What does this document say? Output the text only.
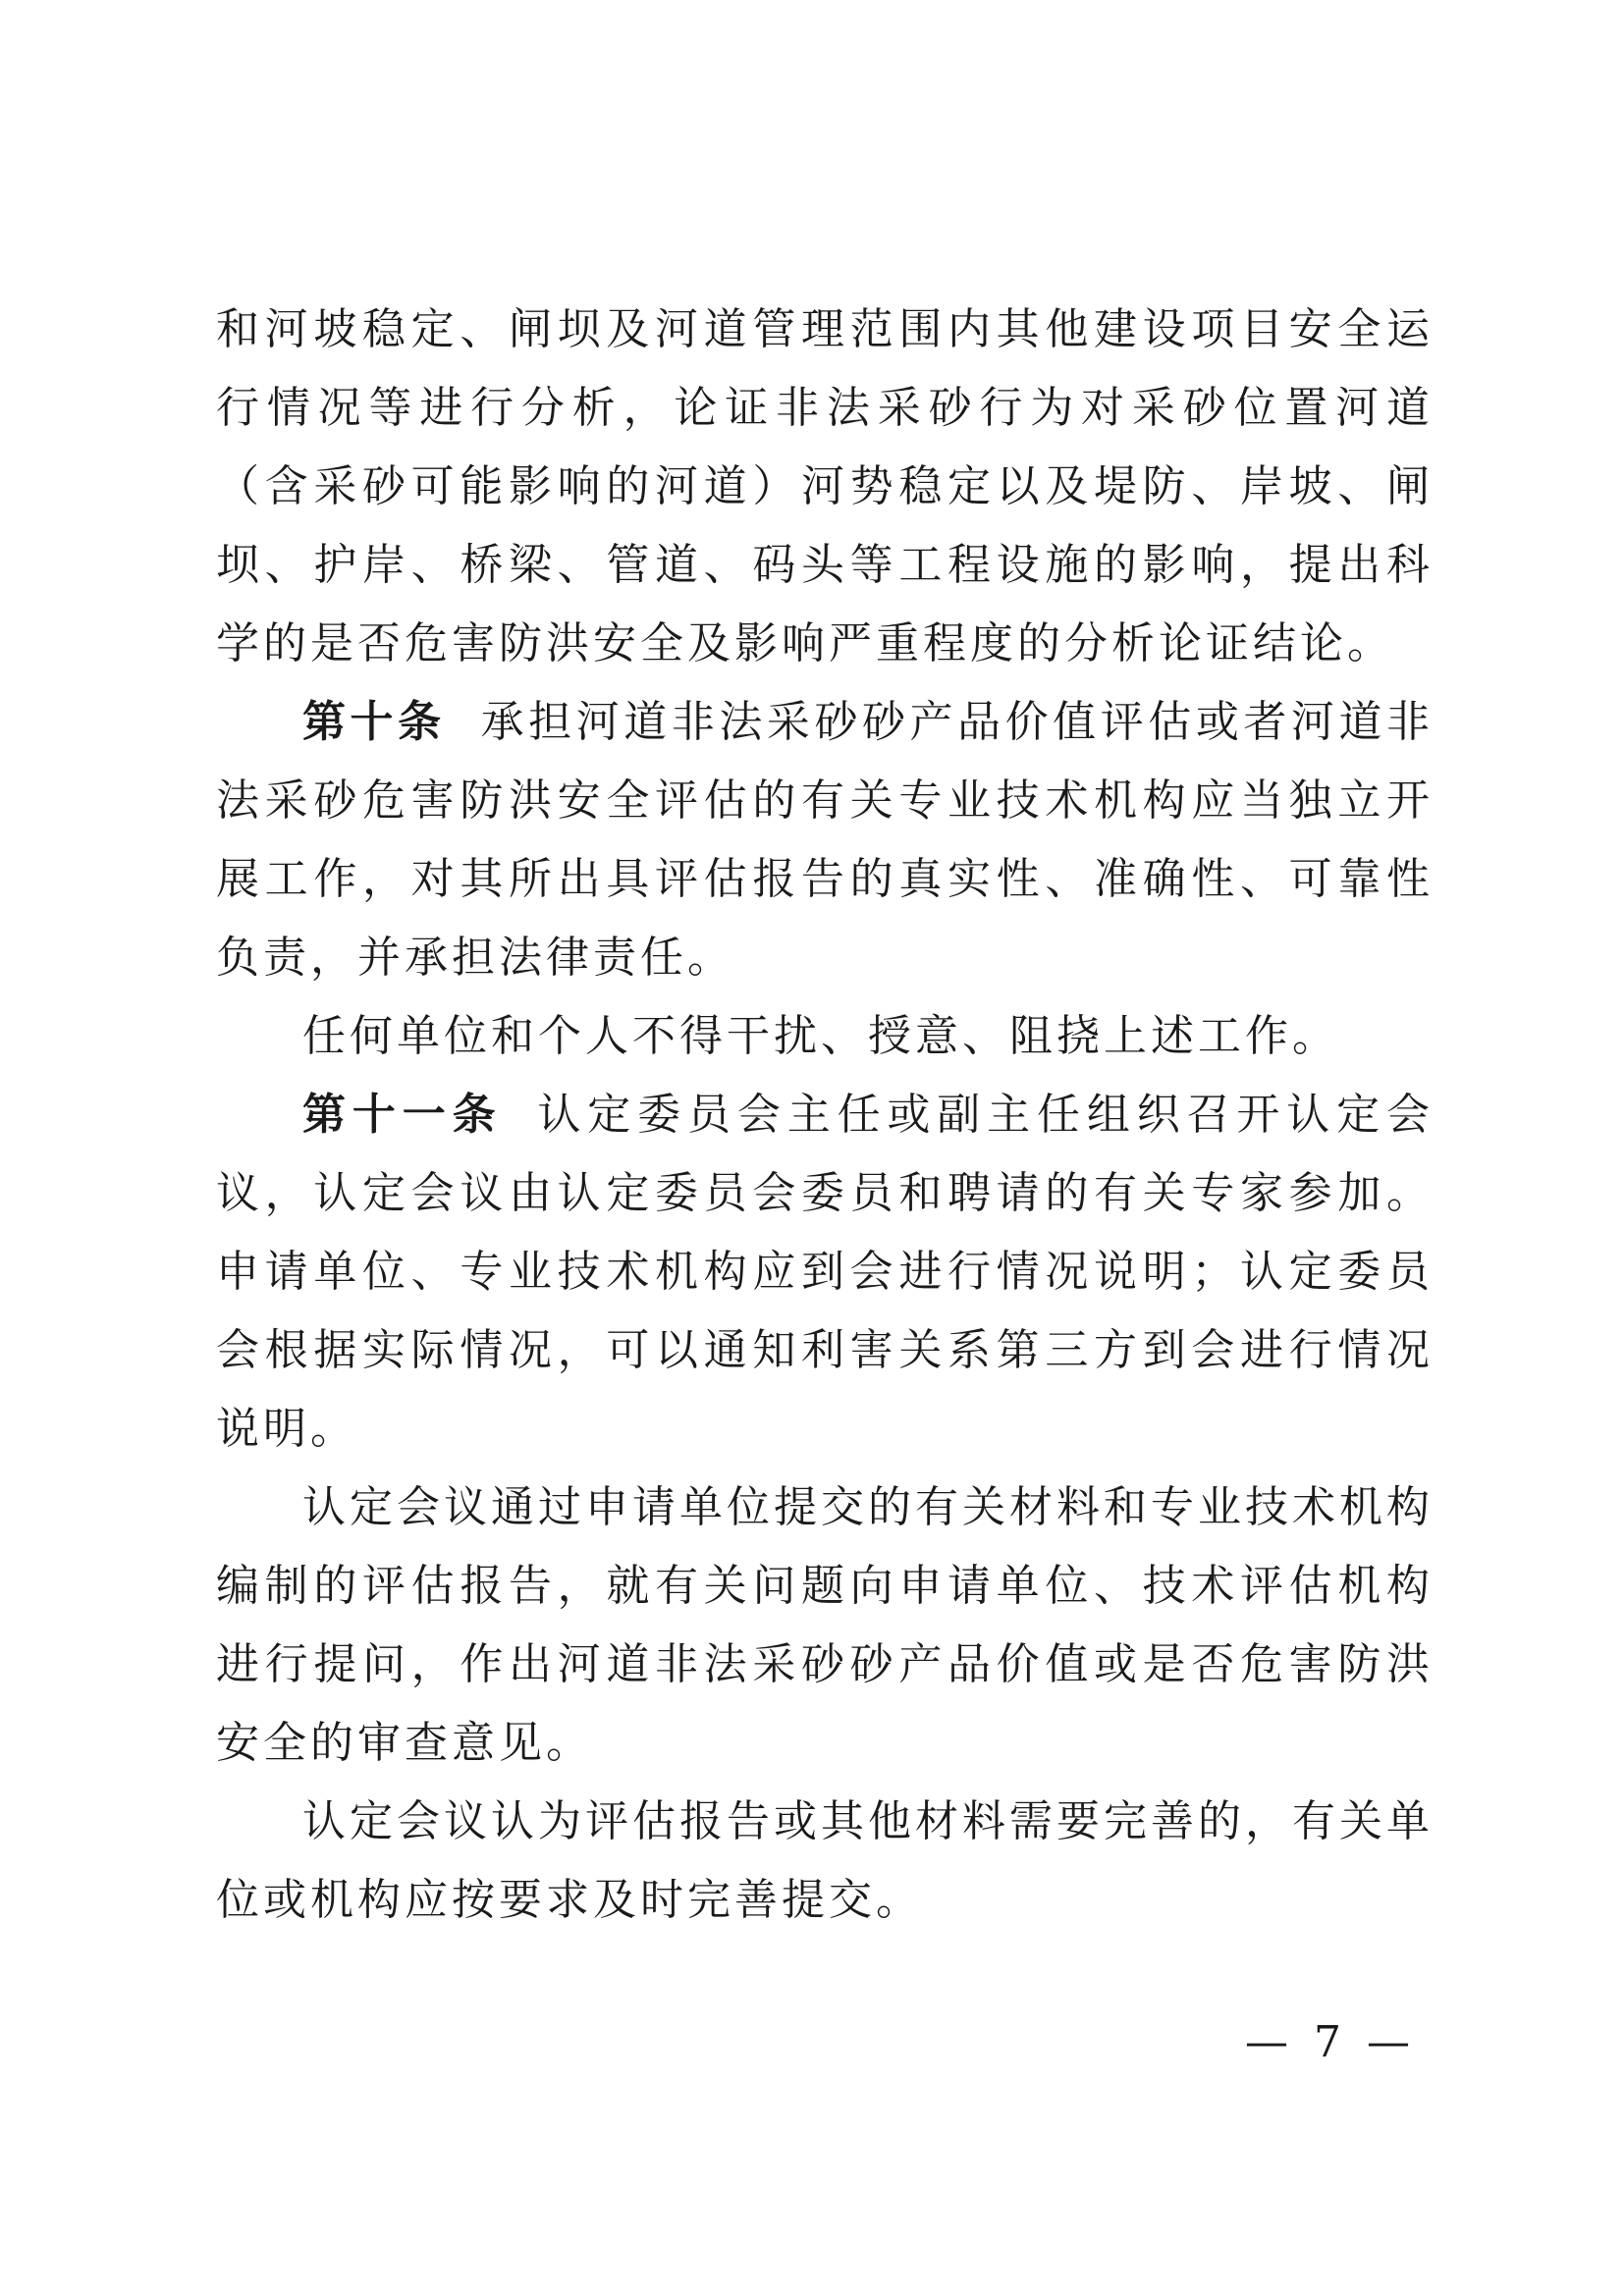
和河坡稳定、闸坝及河道管理范围内其他建设项目安全运行情况等进行分析，论证非法采砂行为对采砂位置河道（含采砂可能影响的河道）河势稳定以及堤防、岸坡、闸坝、护岸、桥梁、管道、码头等工程设施的影响，提出科学的是否危害防洪安全及影响严重程度的分析论证结论。

第十条 承担河道非法采砂砂产品价值评估或者河道非法采砂危害防洪安全评估的有关专业技术机构应当独立开展工作，对其所出具评估报告的真实性、准确性、可靠性负责，并承担法律责任。

任何单位和个人不得干扰、授意、阻挠上述工作。

第十一条 认定委员会主任或副主任组织召开认定会议，认定会议由认定委员会委员和聘请的有关专家参加。申请单位、专业技术机构应到会进行情况说明；认定委员会根据实际情况，可以通知利害关系第三方到会进行情况说明。

认定会议通过申请单位提交的有关材料和专业技术机构编制的评估报告，就有关问题向申请单位、技术评估机构进行提问，作出河道非法采砂砂产品价值或是否危害防洪安全的审查意见。

认定会议认为评估报告或其他材料需要完善的，有关单位或机构应按要求及时完善提交。

— 7 —
